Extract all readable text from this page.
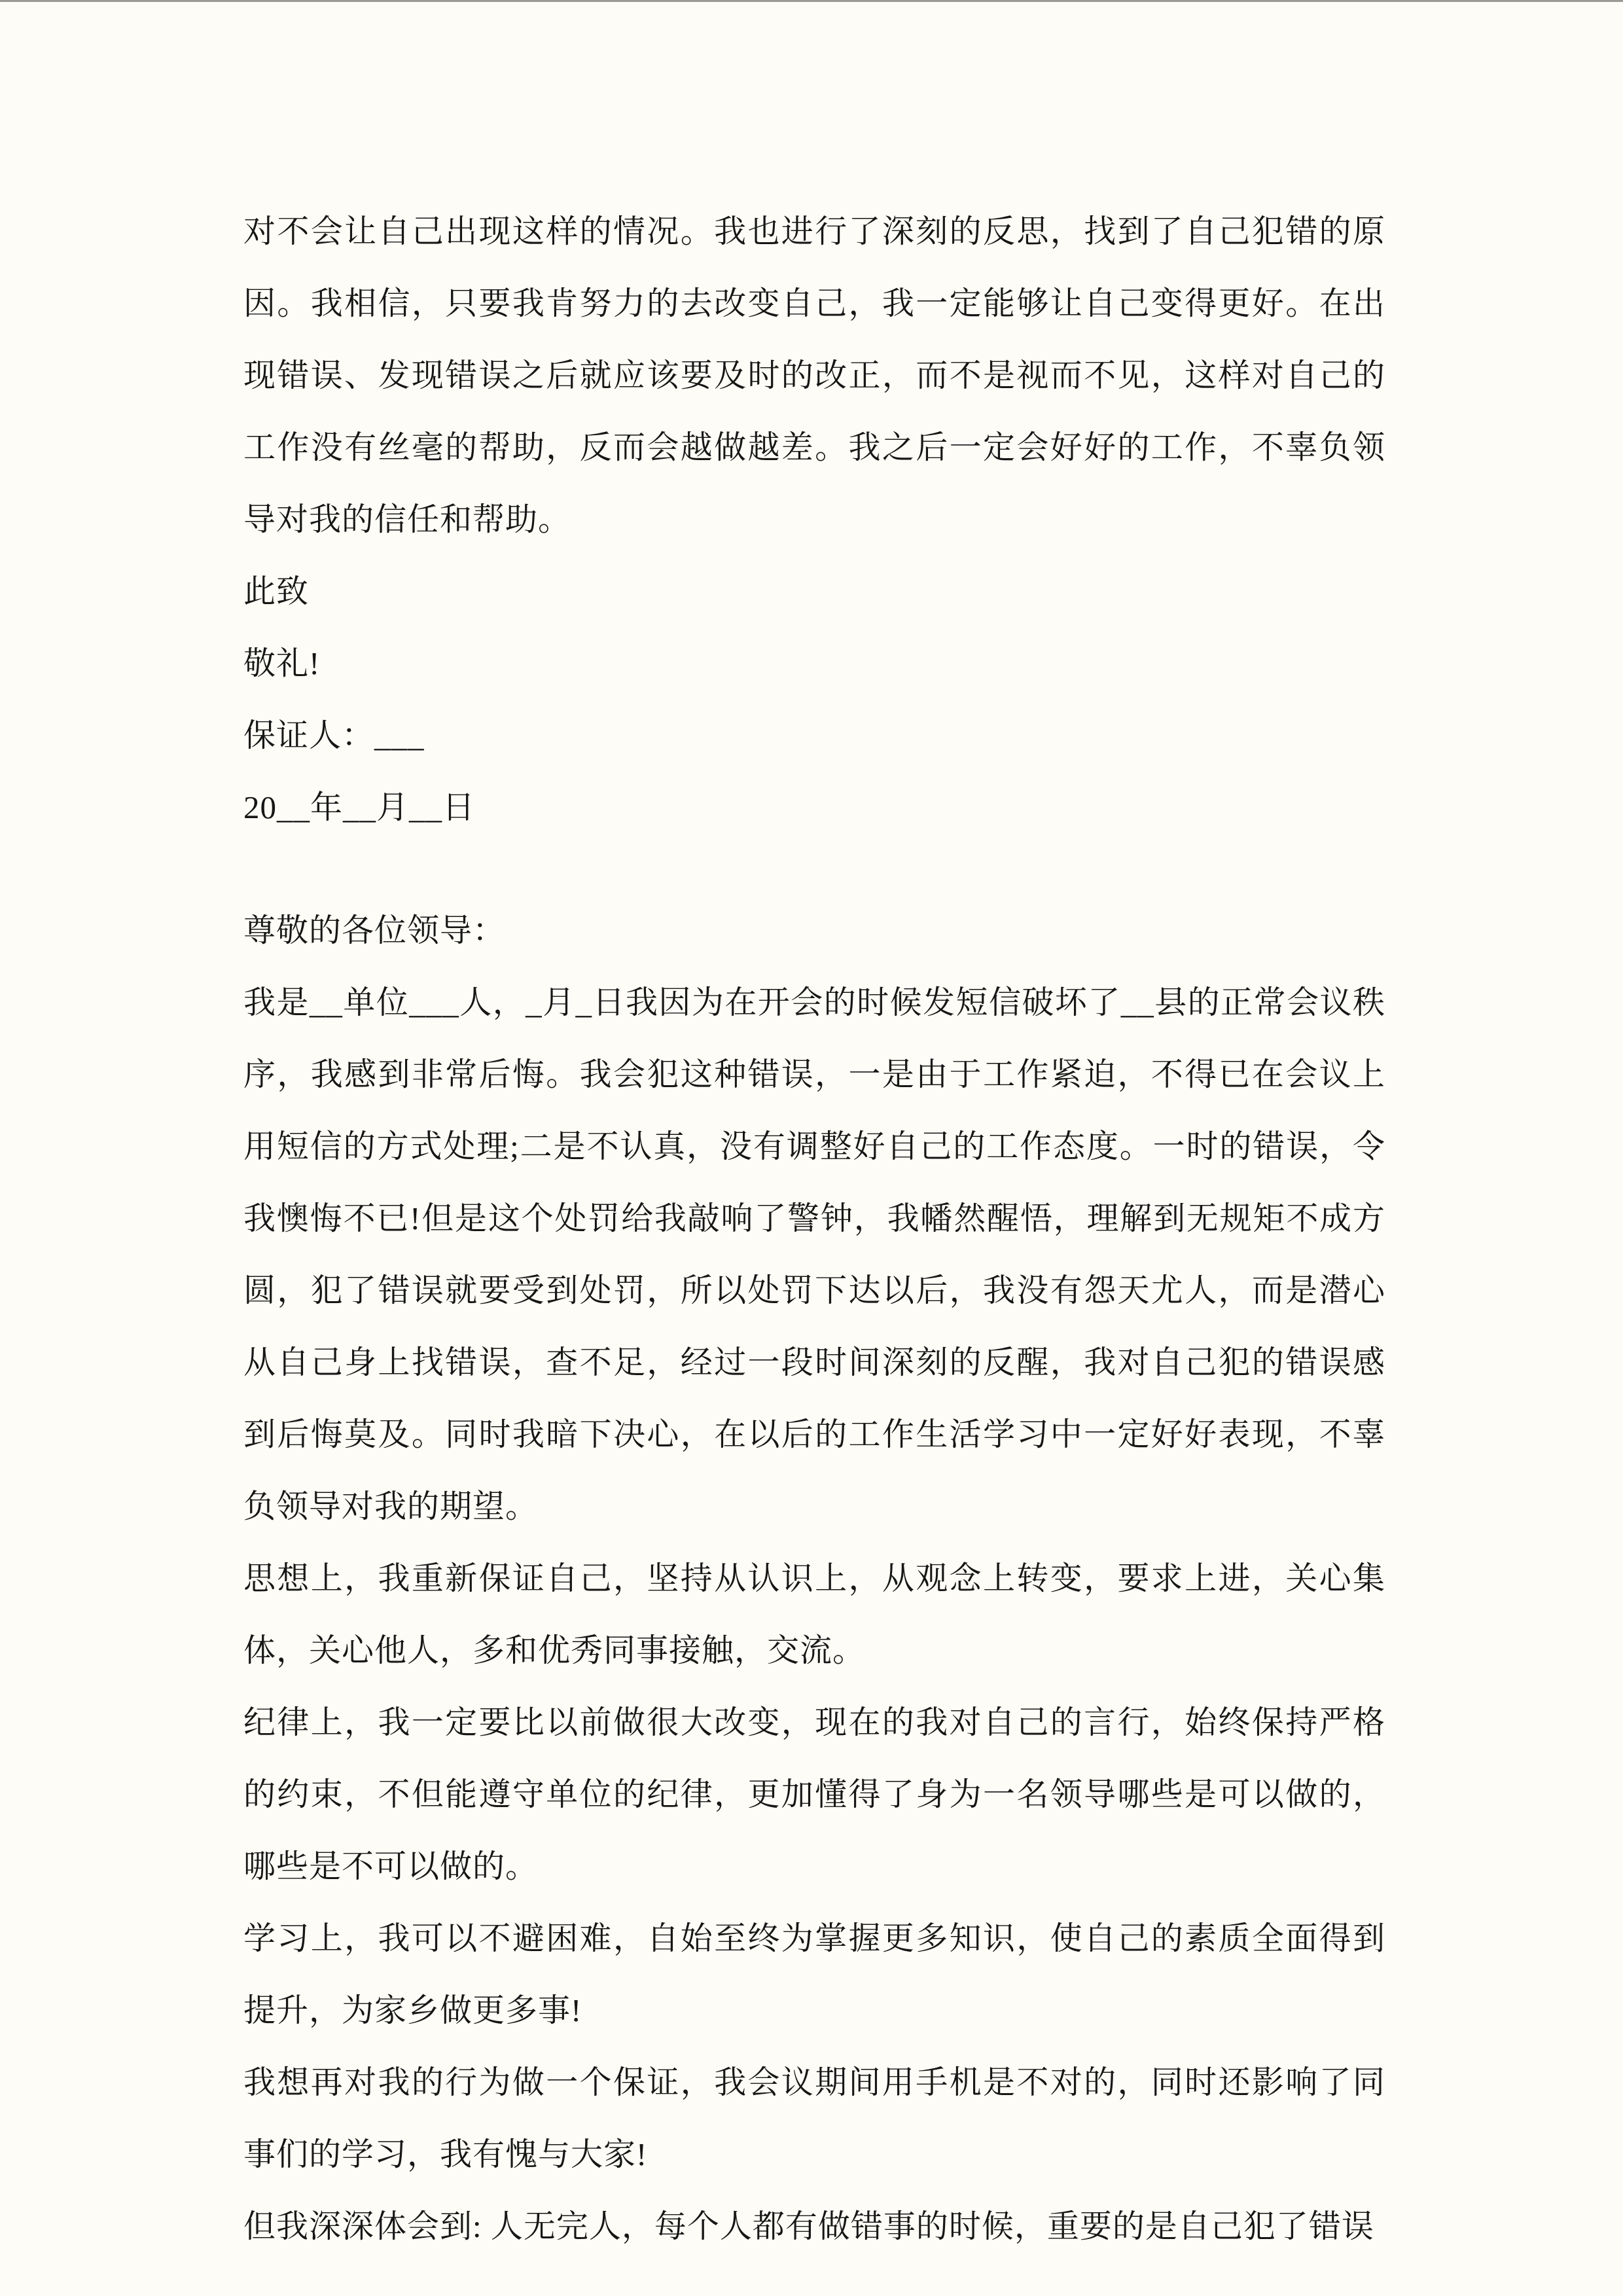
对不会让自己出现这样的情况。我也进行了深刻的反思，找到了自己犯错的原因。我相信，只要我肯努力的去改变自己，我一定能够让自己变得更好。在出现错误、发现错误之后就应该要及时的改正，而不是视而不见，这样对自己的工作没有丝毫的帮助，反而会越做越差。我之后一定会好好的工作，不辜负领导对我的信任和帮助。

此致

敬礼!

保证人：___

20__年__月__日

尊敬的各位领导：

我是__单位___人，_月_日我因为在开会的时候发短信破坏了__县的正常会议秩序，我感到非常后悔。我会犯这种错误，一是由于工作紧迫，不得已在会议上用短信的方式处理;二是不认真，没有调整好自己的工作态度。一时的错误，令我懊悔不已!但是这个处罚给我敲响了警钟，我幡然醒悟，理解到无规矩不成方圆，犯了错误就要受到处罚，所以处罚下达以后，我没有怨天尤人，而是潜心从自己身上找错误，查不足，经过一段时间深刻的反醒，我对自己犯的错误感到后悔莫及。同时我暗下决心，在以后的工作生活学习中一定好好表现，不辜负领导对我的期望。

思想上，我重新保证自己，坚持从认识上，从观念上转变，要求上进，关心集体，关心他人，多和优秀同事接触，交流。

纪律上，我一定要比以前做很大改变，现在的我对自己的言行，始终保持严格的约束，不但能遵守单位的纪律，更加懂得了身为一名领导哪些是可以做的，哪些是不可以做的。

学习上，我可以不避困难，自始至终为掌握更多知识，使自己的素质全面得到提升，为家乡做更多事!

我想再对我的行为做一个保证，我会议期间用手机是不对的，同时还影响了同事们的学习，我有愧与大家!

但我深深体会到: 人无完人，每个人都有做错事的时候，重要的是自己犯了错误
